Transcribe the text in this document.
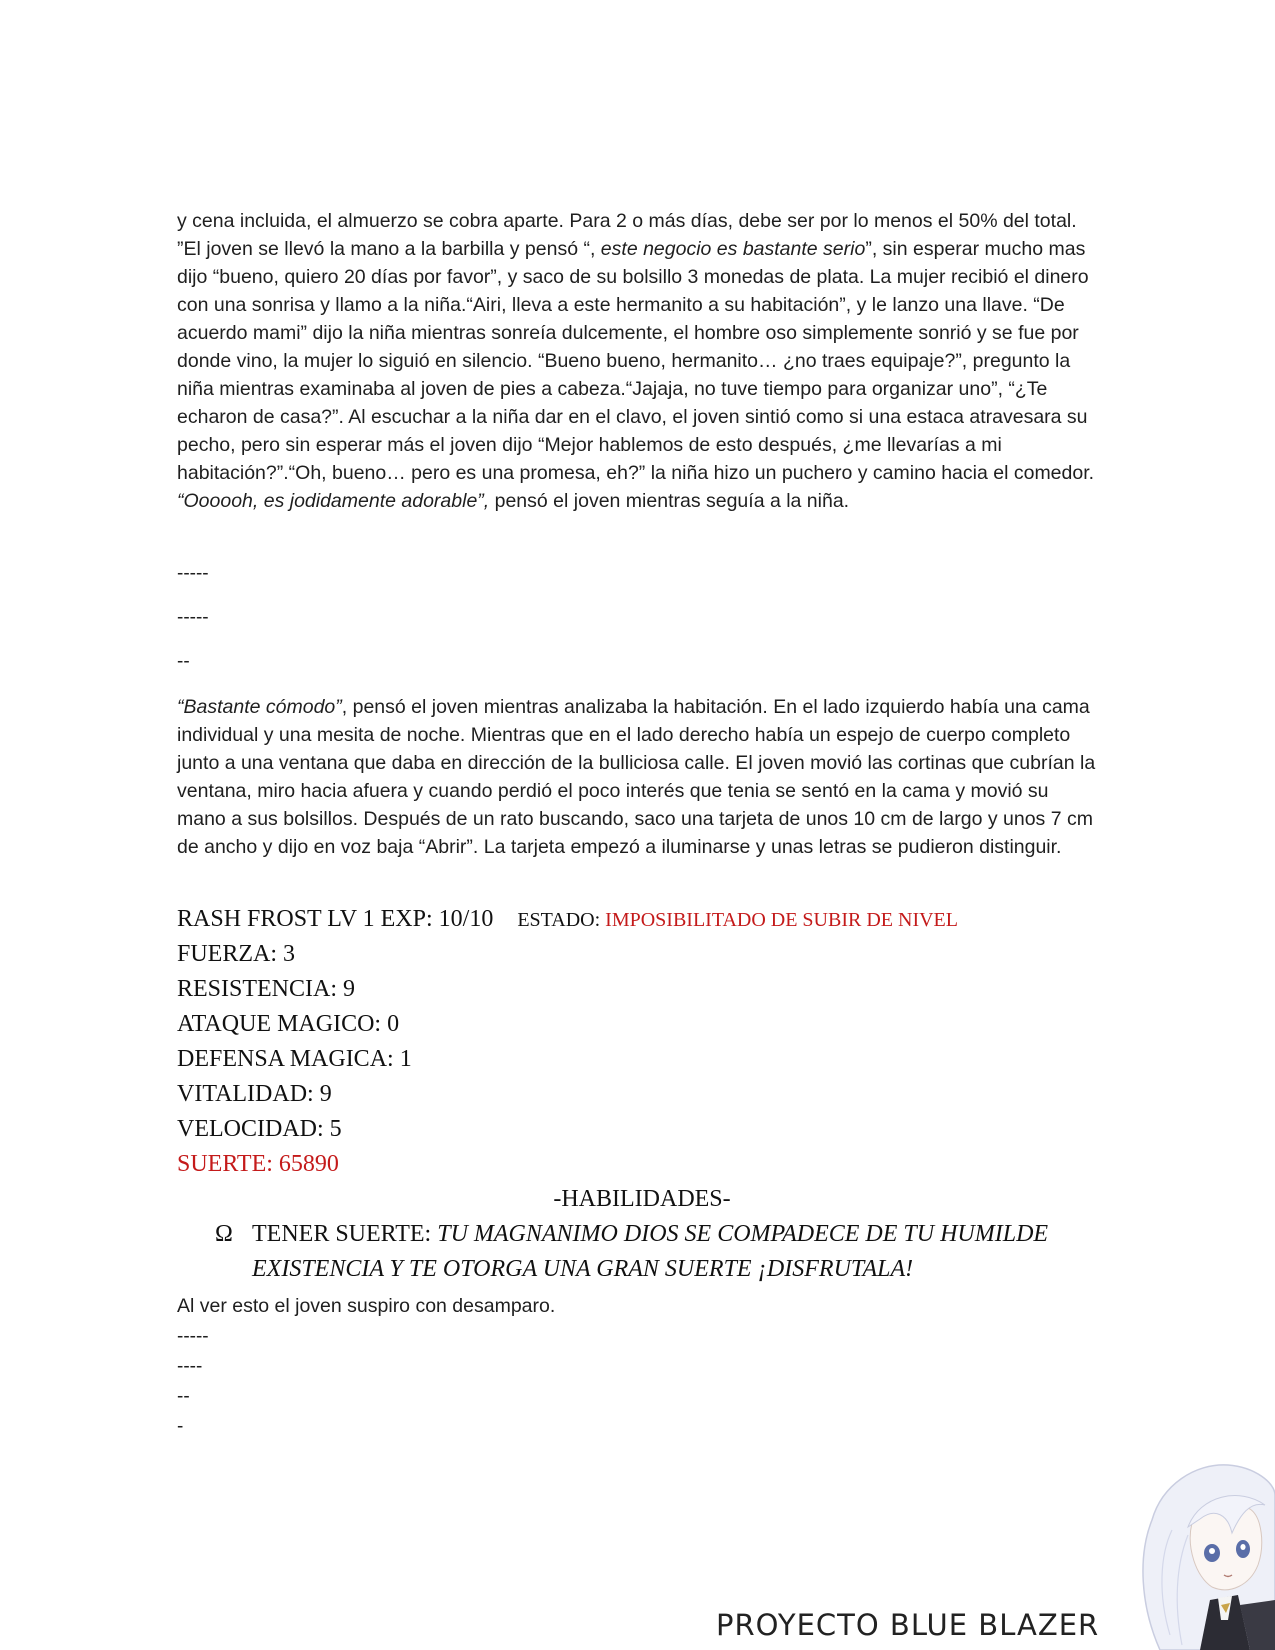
y cena incluida, el almuerzo se cobra aparte. Para 2 o más días, debe ser por lo menos el 50% del total. ”El joven se llevó la mano a la barbilla y pensó “, este negocio es bastante serio”, sin esperar mucho mas dijo “bueno, quiero 20 días por favor”, y saco de su bolsillo 3 monedas de plata. La mujer recibió el dinero con una sonrisa y llamo a la niña.“Airi, lleva a este hermanito a su habitación”, y le lanzo una llave. “De acuerdo mami” dijo la niña mientras sonreía dulcemente, el hombre oso simplemente sonrió y se fue por donde vino, la mujer lo siguió en silencio. “Bueno bueno, hermanito… ¿no traes equipaje?”, pregunto la niña mientras examinaba al joven de pies a cabeza.“Jajaja, no tuve tiempo para organizar uno”, “¿Te echaron de casa?”. Al escuchar a la niña dar en el clavo, el joven sintió como si una estaca atravesara su pecho, pero sin esperar más el joven dijo “Mejor hablemos de esto después, ¿me llevarías a mi habitación?”.“Oh, bueno… pero es una promesa, eh?” la niña hizo un puchero y camino hacia el comedor. “Oooooh, es jodidamente adorable”, pensó el joven mientras seguía a la niña.

-----
-----
--

“Bastante cómodo”, pensó el joven mientras analizaba la habitación. En el lado izquierdo había una cama individual y una mesita de noche. Mientras que en el lado derecho había un espejo de cuerpo completo junto a una ventana que daba en dirección de la bulliciosa calle. El joven movió las cortinas que cubrían la ventana, miro hacia afuera y cuando perdió el poco interés que tenia se sentó en la cama y movió su mano a sus bolsillos. Después de un rato buscando, saco una tarjeta de unos 10 cm de largo y unos 7 cm de ancho y dijo en voz baja “Abrir”. La tarjeta empezó a iluminarse y unas letras se pudieron distinguir.

RASH FROST LV 1 EXP: 10/10 ESTADO: IMPOSIBILITADO DE SUBIR DE NIVEL
FUERZA: 3
RESISTENCIA: 9
ATAQUE MAGICO: 0
DEFENSA MAGICA: 1
VITALIDAD: 9
VELOCIDAD: 5
SUERTE: 65890
-HABILIDADES-
Ω TENER SUERTE: TU MAGNANIMO DIOS SE COMPADECE DE TU HUMILDE EXISTENCIA Y TE OTORGA UNA GRAN SUERTE ¡DISFRUTALA!
Al ver esto el joven suspiro con desamparo.
-----
----
--
-
PROYECTO BLUE BLAZER
